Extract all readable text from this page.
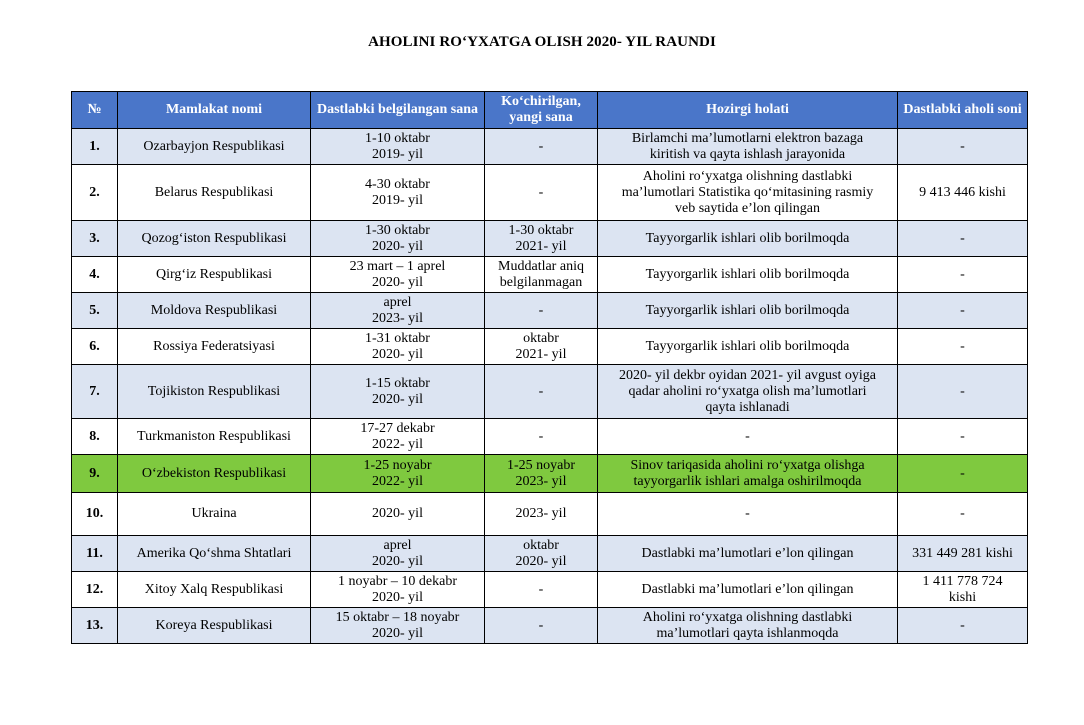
AHOLINI RO‘YXATGA OLISH 2020- YIL RAUNDI
№	Mamlakat nomi	Dastlabki belgilangan sana	Ko‘chirilgan, yangi sana	Hozirgi holati	Dastlabki aholi soni
1.	Ozarbayjon Respublikasi	1-10 oktabr
2019- yil	-	Birlamchi ma’lumotlarni elektron bazaga
kiritish va qayta ishlash jarayonida	-

2.	Belarus Respublikasi	4-30 oktabr
2019- yil	-	Aholini ro‘yxatga olishning dastlabki
ma’lumotlari Statistika qo‘mitasining rasmiy
veb saytida e’lon qilingan	9 413 446 kishi

3.	Qozog‘iston Respublikasi	1-30 oktabr
2020- yil	1-30 oktabr
2021- yil	Tayyorgarlik ishlari olib borilmoqda	-

4.	Qirg‘iz Respublikasi	23 mart – 1 aprel
2020- yil	Muddatlar aniq
belgilanmagan	Tayyorgarlik ishlari olib borilmoqda	-

5.	Moldova Respublikasi	aprel
2023- yil	-	Tayyorgarlik ishlari olib borilmoqda	-

6.	Rossiya Federatsiyasi	1-31 oktabr
2020- yil	oktabr
2021- yil	Tayyorgarlik ishlari olib borilmoqda	-

7.	Tojikiston Respublikasi	1-15 oktabr
2020- yil	-	2020- yil dekbr oyidan 2021- yil avgust oyiga
qadar aholini ro‘yxatga olish ma’lumotlari
qayta ishlanadi	-

8.	Turkmaniston Respublikasi	17-27 dekabr
2022- yil	-	-	-

9.	O‘zbekiston Respublikasi	1-25 noyabr
2022- yil	1-25 noyabr
2023- yil	Sinov tariqasida aholini ro‘yxatga olishga
tayyorgarlik ishlari amalga oshirilmoqda	-

10.	Ukraina	2020- yil	2023- yil	-	-

11.	Amerika Qo‘shma Shtatlari	aprel
2020- yil	oktabr
2020- yil	Dastlabki ma’lumotlari e’lon qilingan	331 449 281 kishi

12.	Xitoy Xalq Respublikasi	1 noyabr – 10 dekabr
2020- yil	-	Dastlabki ma’lumotlari e’lon qilingan	1 411 778 724
kishi

13.	Koreya Respublikasi	15 oktabr – 18 noyabr
2020- yil	-	Aholini ro‘yxatga olishning dastlabki
ma’lumotlari qayta ishlanmoqda	-
